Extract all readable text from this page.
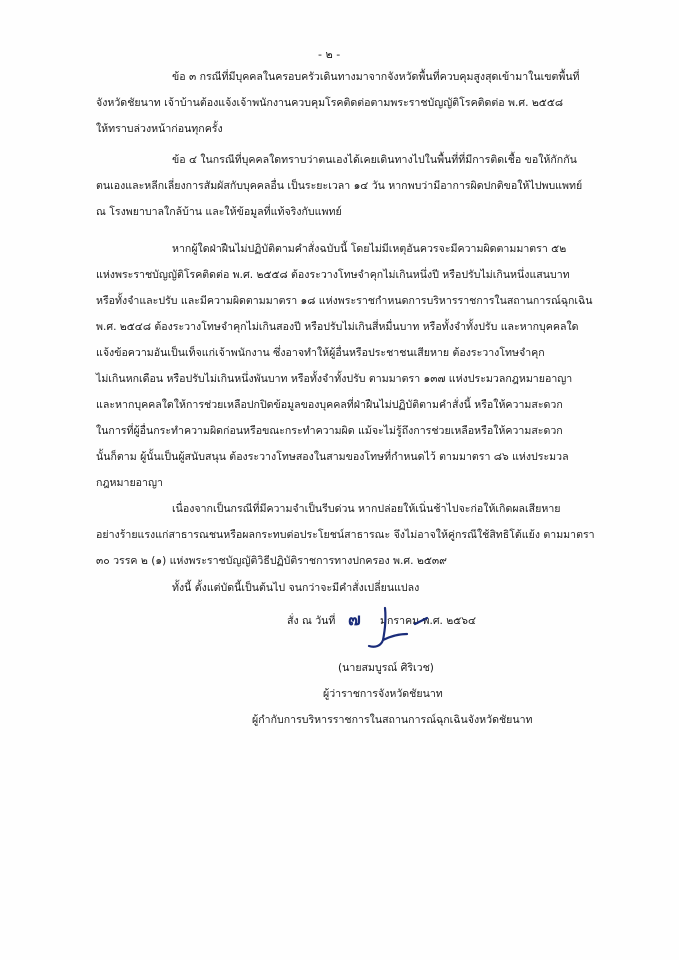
- ๒ -
ข้อ ๓ กรณีที่มีบุคคลในครอบครัวเดินทางมาจากจังหวัดพื้นที่ควบคุมสูงสุดเข้ามาในเขตพื้นที่
จังหวัดชัยนาท เจ้าบ้านต้องแจ้งเจ้าพนักงานควบคุมโรคติดต่อตามพระราชบัญญัติโรคติดต่อ พ.ศ. ๒๕๕๘
ให้ทราบล่วงหน้าก่อนทุกครั้ง
ข้อ ๔ ในกรณีที่บุคคลใดทราบว่าตนเองได้เคยเดินทางไปในพื้นที่ที่มีการติดเชื้อ ขอให้กักกัน
ตนเองและหลีกเลี่ยงการสัมผัสกับบุคคลอื่น เป็นระยะเวลา ๑๔ วัน หากพบว่ามีอาการผิดปกติขอให้ไปพบแพทย์
ณ โรงพยาบาลใกล้บ้าน และให้ข้อมูลที่แท้จริงกับแพทย์
หากผู้ใดฝ่าฝืนไม่ปฏิบัติตามคำสั่งฉบับนี้ โดยไม่มีเหตุอันควรจะมีความผิดตามมาตรา ๕๒
แห่งพระราชบัญญัติโรคติดต่อ พ.ศ. ๒๕๕๘ ต้องระวางโทษจำคุกไม่เกินหนึ่งปี หรือปรับไม่เกินหนึ่งแสนบาท
หรือทั้งจำและปรับ และมีความผิดตามมาตรา ๑๘ แห่งพระราชกำหนดการบริหารราชการในสถานการณ์ฉุกเฉิน
พ.ศ. ๒๕๔๘ ต้องระวางโทษจำคุกไม่เกินสองปี หรือปรับไม่เกินสี่หมื่นบาท หรือทั้งจำทั้งปรับ และหากบุคคลใด
แจ้งข้อความอันเป็นเท็จแก่เจ้าพนักงาน ซึ่งอาจทำให้ผู้อื่นหรือประชาชนเสียหาย ต้องระวางโทษจำคุก
ไม่เกินหกเดือน หรือปรับไม่เกินหนึ่งพันบาท หรือทั้งจำทั้งปรับ ตามมาตรา ๑๓๗ แห่งประมวลกฎหมายอาญา
และหากบุคคลใดให้การช่วยเหลือปกปิดข้อมูลของบุคคลที่ฝ่าฝืนไม่ปฏิบัติตามคำสั่งนี้ หรือให้ความสะดวก
ในการที่ผู้อื่นกระทำความผิดก่อนหรือขณะกระทำความผิด แม้จะไม่รู้ถึงการช่วยเหลือหรือให้ความสะดวก
นั้นก็ตาม ผู้นั้นเป็นผู้สนับสนุน ต้องระวางโทษสองในสามของโทษที่กำหนดไว้ ตามมาตรา ๘๖ แห่งประมวล
กฎหมายอาญา
เนื่องจากเป็นกรณีที่มีความจำเป็นรีบด่วน หากปล่อยให้เนิ่นช้าไปจะก่อให้เกิดผลเสียหาย
อย่างร้ายแรงแก่สาธารณชนหรือผลกระทบต่อประโยชน์สาธารณะ จึงไม่อาจให้คู่กรณีใช้สิทธิโต้แย้ง ตามมาตรา
๓๐ วรรค ๒ (๑) แห่งพระราชบัญญัติวิธีปฏิบัติราชการทางปกครอง พ.ศ. ๒๕๓๙
ทั้งนี้ ตั้งแต่บัดนี้เป็นต้นไป จนกว่าจะมีคำสั่งเปลี่ยนแปลง
สั่ง ณ วันที่ ๗ มกราคม พ.ศ. ๒๕๖๔
(นายสมบูรณ์ ศิริเวช)
ผู้ว่าราชการจังหวัดชัยนาท
ผู้กำกับการบริหารราชการในสถานการณ์ฉุกเฉินจังหวัดชัยนาท
